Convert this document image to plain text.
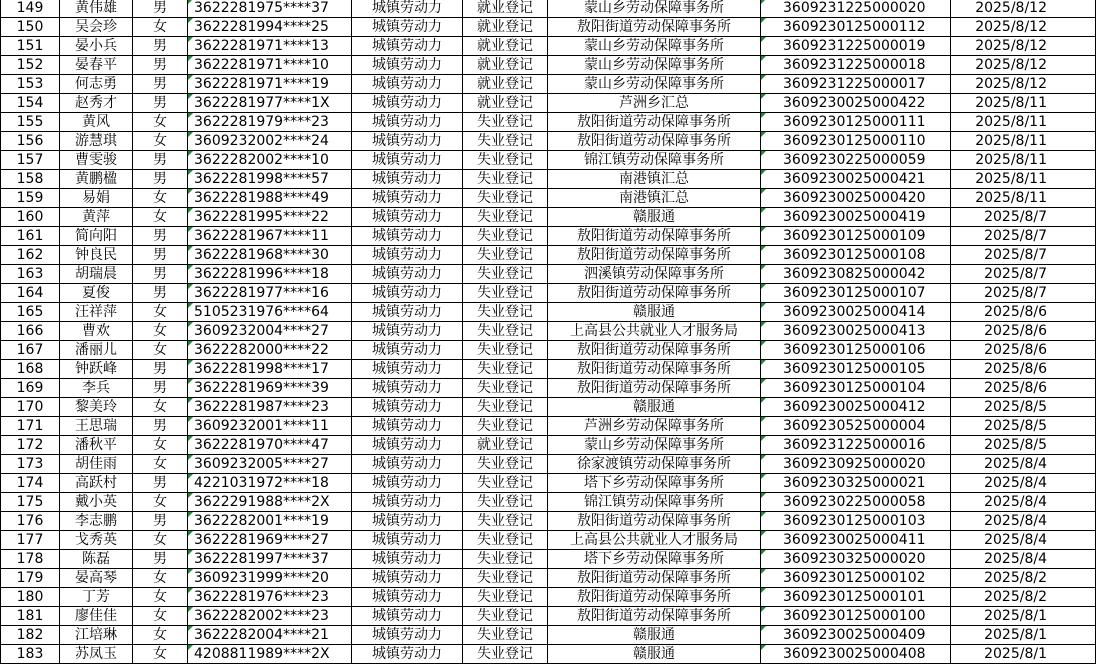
149	黄伟雄	男	3622281975****37	城镇劳动力	就业登记	蒙山乡劳动保障事务所	3609231225000020	2025/8/12
150	吴会珍	女	3622281994****25	城镇劳动力	就业登记	敖阳街道劳动保障事务所	3609230125000112	2025/8/12
151	晏小兵	男	3622281971****13	城镇劳动力	就业登记	蒙山乡劳动保障事务所	3609231225000019	2025/8/12
152	晏春平	男	3622281971****10	城镇劳动力	就业登记	蒙山乡劳动保障事务所	3609231225000018	2025/8/12
153	何志勇	男	3622281971****19	城镇劳动力	就业登记	蒙山乡劳动保障事务所	3609231225000017	2025/8/12
154	赵秀才	男	3622281977****1X	城镇劳动力	就业登记	芦洲乡汇总	3609230025000422	2025/8/11
155	黄风	女	3622281979****23	城镇劳动力	失业登记	敖阳街道劳动保障事务所	3609230125000111	2025/8/11
156	游慧琪	女	3609232002****24	城镇劳动力	失业登记	敖阳街道劳动保障事务所	3609230125000110	2025/8/11
157	曹雯骏	男	3622282002****10	城镇劳动力	失业登记	锦江镇劳动保障事务所	3609230225000059	2025/8/11
158	黄鹏楹	男	3622281998****57	城镇劳动力	失业登记	南港镇汇总	3609230025000421	2025/8/11
159	易娟	女	3622281988****49	城镇劳动力	失业登记	南港镇汇总	3609230025000420	2025/8/11
160	黄萍	女	3622281995****22	城镇劳动力	失业登记	赣服通	3609230025000419	2025/8/7
161	简向阳	男	3622281967****11	城镇劳动力	失业登记	敖阳街道劳动保障事务所	3609230125000109	2025/8/7
162	钟良民	男	3622281968****30	城镇劳动力	失业登记	敖阳街道劳动保障事务所	3609230125000108	2025/8/7
163	胡瑞晨	男	3622281996****18	城镇劳动力	失业登记	泗溪镇劳动保障事务所	3609230825000042	2025/8/7
164	夏俊	男	3622281977****16	城镇劳动力	失业登记	敖阳街道劳动保障事务所	3609230125000107	2025/8/7
165	汪祥萍	女	5105231976****64	城镇劳动力	失业登记	赣服通	3609230025000414	2025/8/6
166	曹欢	女	3609232004****27	城镇劳动力	失业登记	上高县公共就业人才服务局	3609230025000413	2025/8/6
167	潘丽儿	女	3622282000****22	城镇劳动力	失业登记	敖阳街道劳动保障事务所	3609230125000106	2025/8/6
168	钟跃峰	男	3622281998****17	城镇劳动力	失业登记	敖阳街道劳动保障事务所	3609230125000105	2025/8/6
169	李兵	男	3622281969****39	城镇劳动力	失业登记	敖阳街道劳动保障事务所	3609230125000104	2025/8/6
170	黎美玲	女	3622281987****23	城镇劳动力	失业登记	赣服通	3609230025000412	2025/8/5
171	王思瑞	男	3609232001****11	城镇劳动力	失业登记	芦洲乡劳动保障事务所	3609230525000004	2025/8/5
172	潘秋平	女	3622281970****47	城镇劳动力	就业登记	蒙山乡劳动保障事务所	3609231225000016	2025/8/5
173	胡佳雨	女	3609232005****27	城镇劳动力	失业登记	徐家渡镇劳动保障事务所	3609230925000020	2025/8/4
174	高跃村	男	4221031972****18	城镇劳动力	失业登记	塔下乡劳动保障事务所	3609230325000021	2025/8/4
175	戴小英	女	3622291988****2X	城镇劳动力	失业登记	锦江镇劳动保障事务所	3609230225000058	2025/8/4
176	李志鹏	男	3622282001****19	城镇劳动力	失业登记	敖阳街道劳动保障事务所	3609230125000103	2025/8/4
177	戈秀英	女	3622281969****27	城镇劳动力	失业登记	上高县公共就业人才服务局	3609230025000411	2025/8/4
178	陈磊	男	3622281997****37	城镇劳动力	失业登记	塔下乡劳动保障事务所	3609230325000020	2025/8/4
179	晏高琴	女	3609231999****20	城镇劳动力	失业登记	敖阳街道劳动保障事务所	3609230125000102	2025/8/2
180	丁芳	女	3622281976****23	城镇劳动力	失业登记	敖阳街道劳动保障事务所	3609230125000101	2025/8/2
181	廖佳佳	女	3622282002****23	城镇劳动力	失业登记	敖阳街道劳动保障事务所	3609230125000100	2025/8/1
182	江培琳	女	3622282004****21	城镇劳动力	失业登记	赣服通	3609230025000409	2025/8/1
183	苏凤玉	女	4208811989****2X	城镇劳动力	失业登记	赣服通	3609230025000408	2025/8/1
